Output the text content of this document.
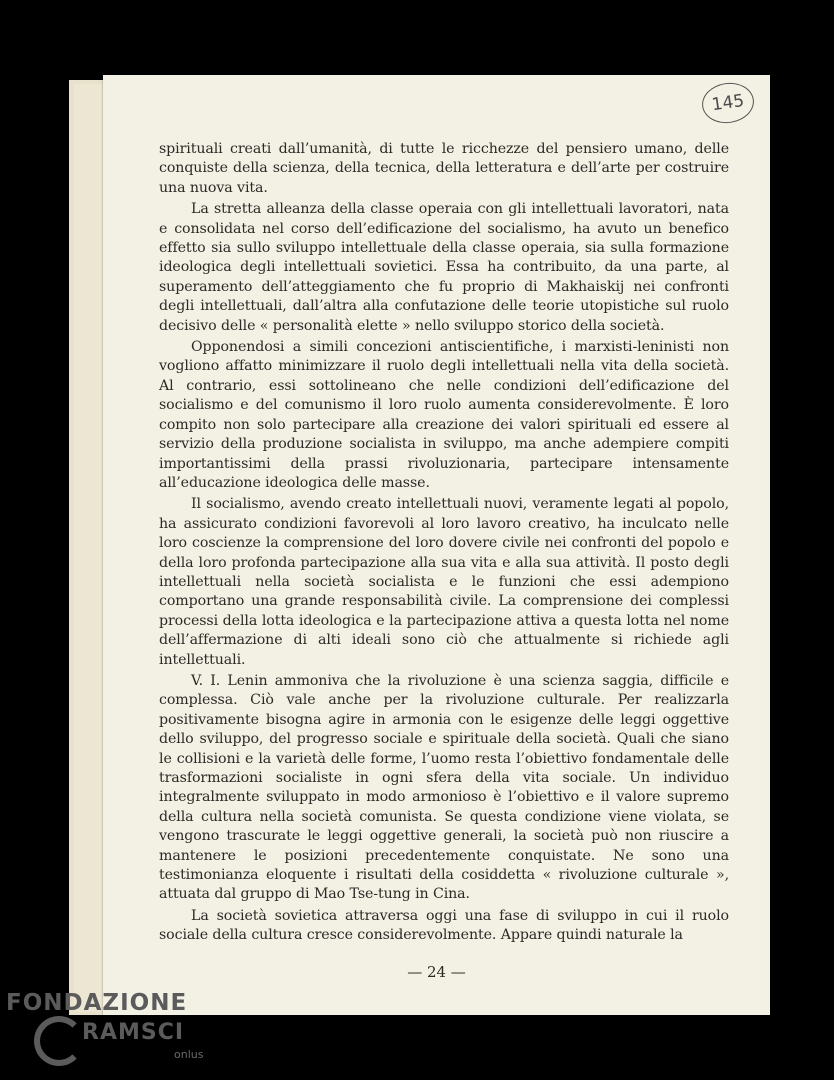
145

spirituali creati dall’umanità, di tutte le ricchezze del pensiero umano, delle conquiste della scienza, della tecnica, della letteratura e dell’arte per costruire una nuova vita.

La stretta alleanza della classe operaia con gli intellettuali lavoratori, nata e consolidata nel corso dell’edificazione del socialismo, ha avuto un benefico effetto sia sullo sviluppo intellettuale della classe operaia, sia sulla formazione ideologica degli intellettuali sovietici. Essa ha contribuito, da una parte, al superamento dell’atteggiamento che fu proprio di Makhaiskij nei confronti degli intellettuali, dall’altra alla confutazione delle teorie utopistiche sul ruolo decisivo delle « personalità elette » nello sviluppo storico della società.

Opponendosi a simili concezioni antiscientifiche, i marxisti-leninisti non vogliono affatto minimizzare il ruolo degli intellettuali nella vita della società. Al contrario, essi sottolineano che nelle condizioni dell’edificazione del socialismo e del comunismo il loro ruolo aumenta considerevolmente. È loro compito non solo partecipare alla creazione dei valori spirituali ed essere al servizio della produzione socialista in sviluppo, ma anche adempiere compiti importantissimi della prassi rivoluzionaria, partecipare intensamente all’educazione ideologica delle masse.

Il socialismo, avendo creato intellettuali nuovi, veramente legati al popolo, ha assicurato condizioni favorevoli al loro lavoro creativo, ha inculcato nelle loro coscienze la comprensione del loro dovere civile nei confronti del popolo e della loro profonda partecipazione alla sua vita e alla sua attività. Il posto degli intellettuali nella società socialista e le funzioni che essi adempiono comportano una grande responsabilità civile. La comprensione dei complessi processi della lotta ideologica e la partecipazione attiva a questa lotta nel nome dell’affermazione di alti ideali sono ciò che attualmente si richiede agli intellettuali.

V. I. Lenin ammoniva che la rivoluzione è una scienza saggia, difficile e complessa. Ciò vale anche per la rivoluzione culturale. Per realizzarla positivamente bisogna agire in armonia con le esigenze delle leggi oggettive dello sviluppo, del progresso sociale e spirituale della società. Quali che siano le collisioni e la varietà delle forme, l’uomo resta l’obiettivo fondamentale delle trasformazioni socialiste in ogni sfera della vita sociale. Un individuo integralmente sviluppato in modo armonioso è l’obiettivo e il valore supremo della cultura nella società comunista. Se questa condizione viene violata, se vengono trascurate le leggi oggettive generali, la società può non riuscire a mantenere le posizioni precedentemente conquistate. Ne sono una testimonianza eloquente i risultati della cosiddetta « rivoluzione culturale », attuata dal gruppo di Mao Tse-tung in Cina.

La società sovietica attraversa oggi una fase di sviluppo in cui il ruolo sociale della cultura cresce considerevolmente. Appare quindi naturale la

— 24 —
FONDAZIONE
RAMSCI
onlus
